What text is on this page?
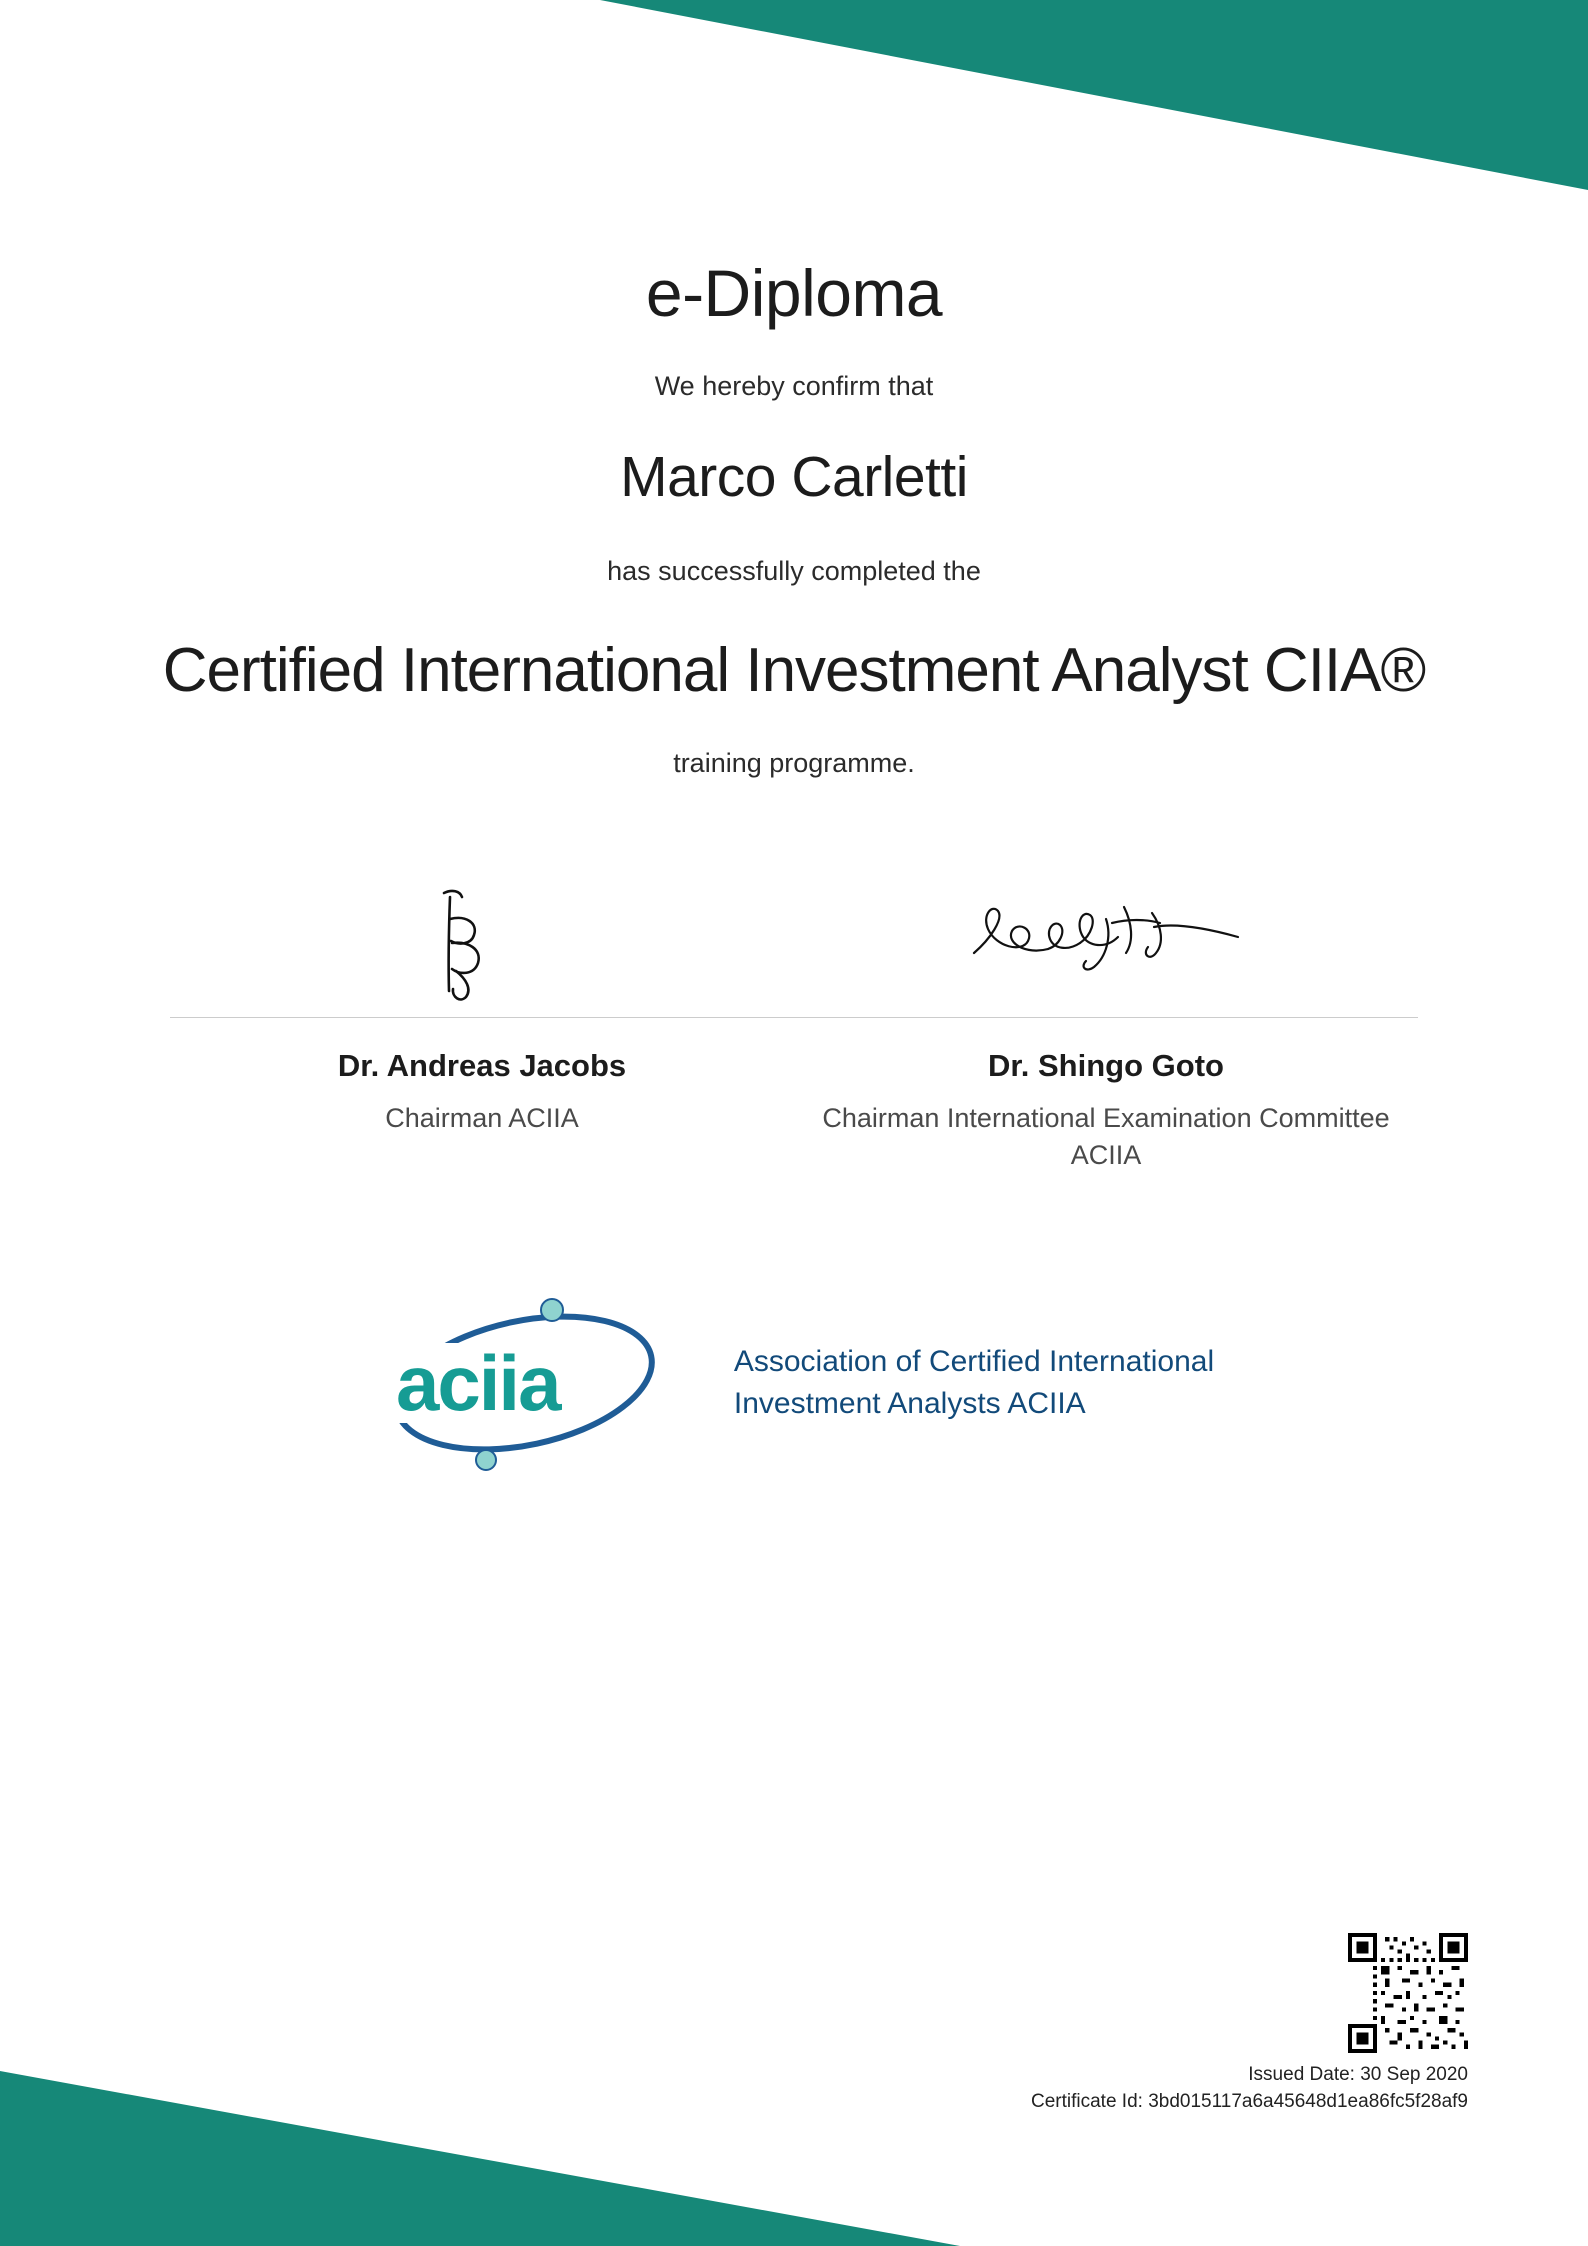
e-Diploma

We hereby confirm that

Marco Carletti

has successfully completed the

Certified International Investment Analyst CIIA®

training programme.

Dr. Andreas Jacobs
Chairman ACIIA
Dr. Shingo Goto
Chairman International Examination Committee ACIIA
aciia	Association of Certified International
Investment Analysts ACIIA
Issued Date: 30 Sep 2020
Certificate Id: 3bd015117a6a45648d1ea86fc5f28af9
